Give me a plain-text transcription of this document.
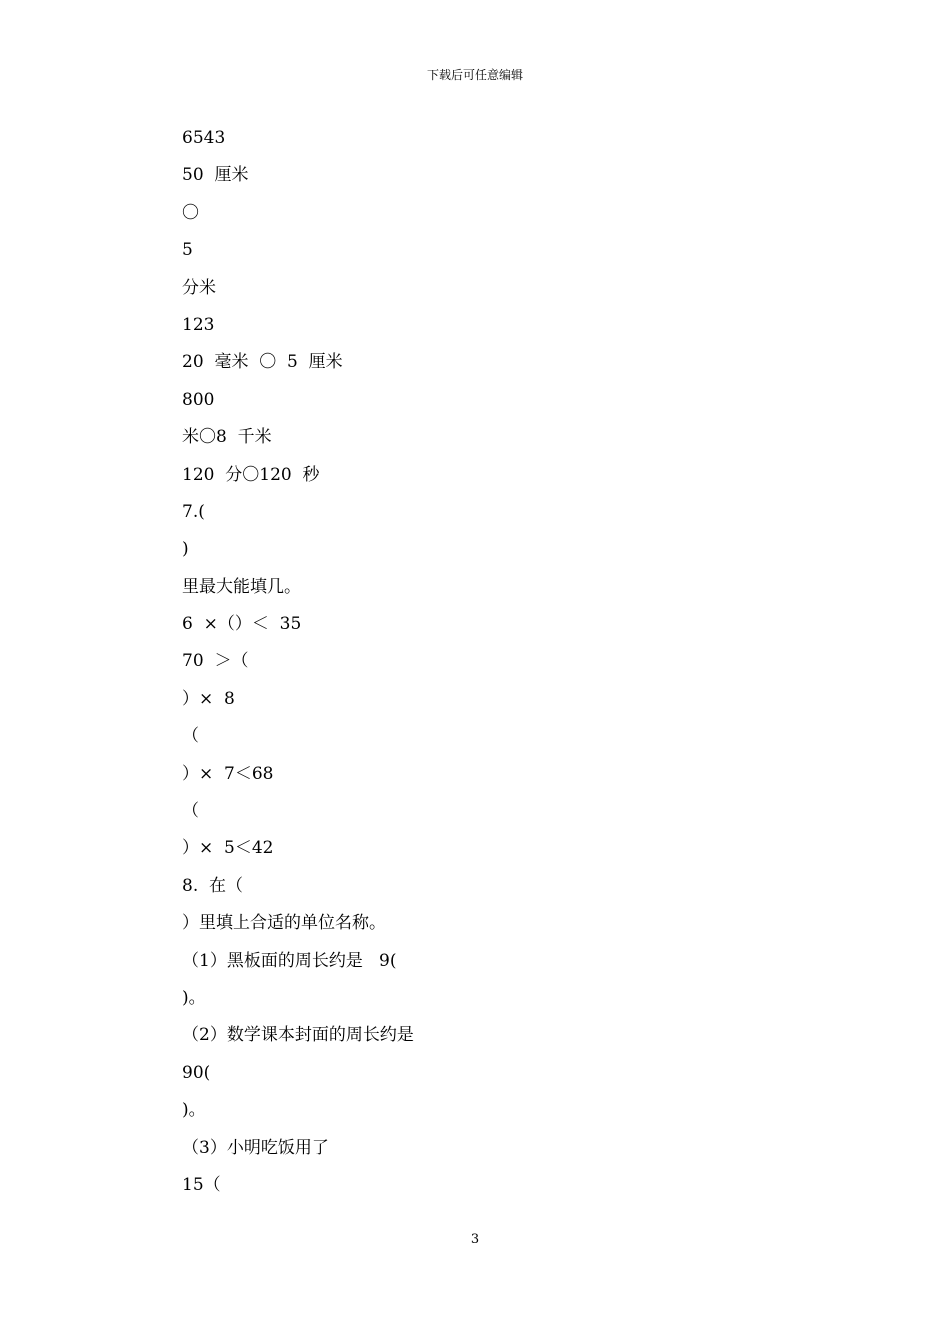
下载后可任意编辑
6543
50  厘米
〇
5
分米
123
20  毫米  〇  5  厘米
800
米〇8  千米
120  分〇120  秒
7.(
)
里最大能填几。
6  ×（）＜  35
70  ＞（
）×  8
（
）×  7＜68
（
）×  5＜42
8.  在（
）里填上合适的单位名称。
（1）黑板面的周长约是   9(
)。
（2）数学课本封面的周长约是
90(
)。
（3）小明吃饭用了
15（
3
